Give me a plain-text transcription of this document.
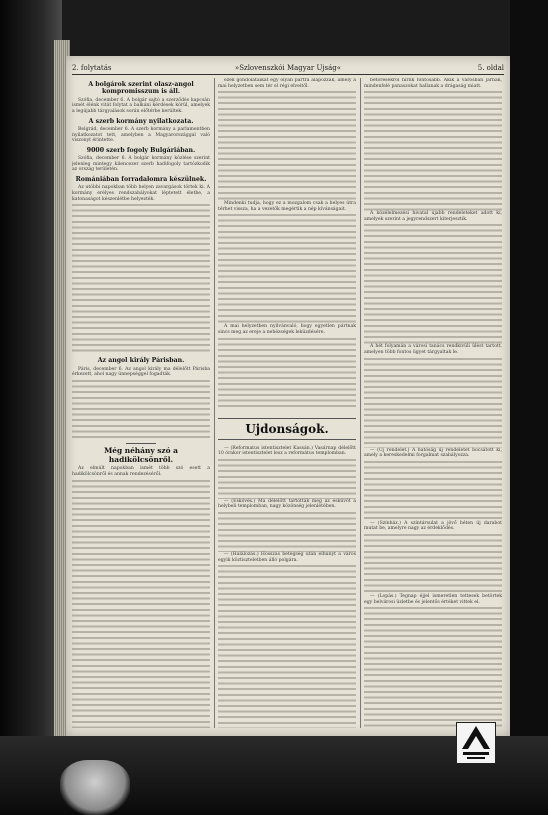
2. folytatás	»Szlovenszkói Magyar Ujság«	5. oldal
A bolgárok szerint olasz-angol kompromisszum is áll.
Szófia, december 6. A bolgár sajtó a szerződés kapcsán ismét élénk vitát folytat a balkáni kérdések körül, amelyek a legújabb tárgyalások során előtérbe kerültek.
A szerb kormány nyilatkozata.
Belgrád, december 6. A szerb kormány a parlamentben nyilatkozatot tett, amelyben a Magyarországgal való viszonyt érintette.
9000 szerb fogoly Bulgáriában.
Szófia, december 6. A bolgár kormány közlése szerint jelenleg mintegy kilencezer szerb hadifogoly tartózkodik az ország területén.
Romániában forradalomra készülnek.
Az utóbbi napokban több helyen zavargások törtek ki. A kormány erélyes rendszabályokat léptetett életbe, a katonaságot készenlétbe helyezték.
Az angol király Párisban.
Páris, december 6. Az angol király ma délelőtt Párisba érkezett, ahol nagy ünnepséggel fogadták.
Még néhány szó a hadikölcsönről.
Az elmúlt napokban ismét több szó esett a hadikölcsönről és annak rendezéséről.
ezek gondolataikat egy olyan pártra alapozzák, amely a mai helyzetben sem tér el régi elveitől.
Mindenki tudja, hogy ez a mozgalom csak a helyes útra térhet vissza, ha a vezetők megértik a nép kívánságait.
A mai helyzetben nyilvánvaló, hogy egyetlen pártnak sincs meg az ereje a nehézségek leküzdésére.
Ujdonságok.
— (Reformatus istentisztelet Kassán.) Vasárnap délelőtt 10 órakor istentisztelet lesz a református templomban.
— (Eskövés.) Ma délelőtt tartották meg az esküvőt a helybeli templomban, nagy közönség jelenlétében.
— (Halálozás.) Hosszas betegség után elhunyt a város egyik köztiszteletben álló polgára.
betörésekről hírlik fontosabb. Akik a városban járnak, mindenfelé panaszokat hallanak a drágaság miatt.
A közélelmezési hivatal újabb rendeleteket adott ki, amelyek szerint a jegyrendszert kiterjesztik.
A hét folyamán a városi tanács rendkívüli ülést tartott, amelyen több fontos ügyet tárgyaltak le.
— (Uj rendelet.) A hatóság új rendeletet bocsátott ki, amely a kereskedelmi forgalmat szabályozza.
— (Színház.) A színtársulat a jövő héten új darabot mutat be, amelyre nagy az érdeklődés.
— (Lopás.) Tegnap éjjel ismeretlen tettesek betörtek egy belvárosi üzletbe és jelentős értéket vittek el.
